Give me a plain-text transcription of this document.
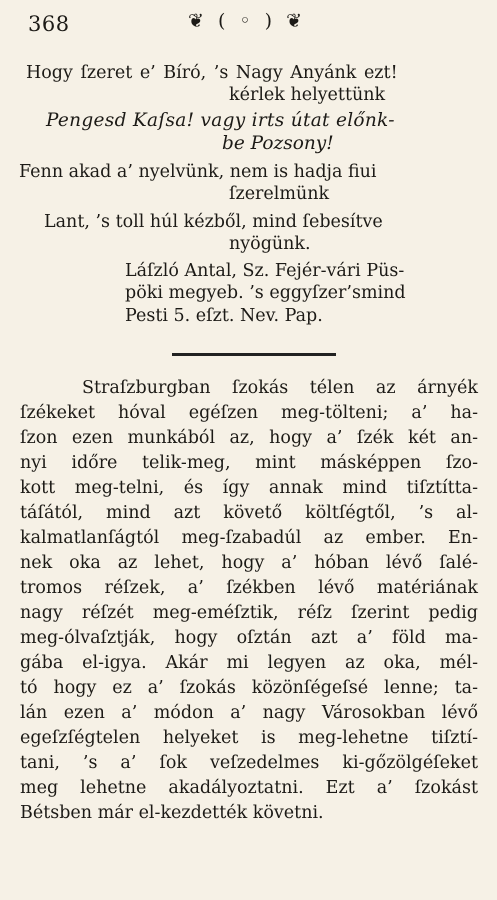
368	❦ ( ◦ ) ❦
Hogy ſzeret e’ Bíró, ’s Nagy Anyánk ezt!
kérlek helyettünk
Pengesd Kaſsa! vagy irts útat előnk-
be Pozsony!
Fenn akad a’ nyelvünk, nem is hadja fiui
ſzerelmünk
Lant, ’s toll húl kézből, mind ſebesítve
nyögünk.
Láſzló Antal, Sz. Fejér-vári Püs-
pöki megyeb. ’s eggyſzer’smind
Pesti 5. eſzt. Nev. Pap.
Straſzburgban ſzokás télen az árnyék
ſzékeket hóval egéſzen meg-tölteni; a’ ha-
ſzon ezen munkából az, hogy a’ ſzék két an-
nyi időre telik-meg, mint másképpen ſzo-
kott meg-telni, és így annak mind tiſztítta-
táſától, mind azt követő költſégtől, ’s al-
kalmatlanſágtól meg-ſzabadúl az ember. En-
nek oka az lehet, hogy a’ hóban lévő ſalé-
tromos réſzek, a’ ſzékben lévő matériának
nagy réſzét meg-eméſztik, réſz ſzerint pedig
meg-ólvaſztják, hogy oſztán azt a’ föld ma-
gába el-igya. Akár mi legyen az oka, mél-
tó hogy ez a’ ſzokás közönſégeſsé lenne; ta-
lán ezen a’ módon a’ nagy Városokban lévő
egeſzſégtelen helyeket is meg-lehetne tiſztí-
tani, ’s a’ ſok veſzedelmes ki-gőzölgéſeket
meg lehetne akadályoztatni. Ezt a’ ſzokást
Bétsben már el-kezdették követni.
